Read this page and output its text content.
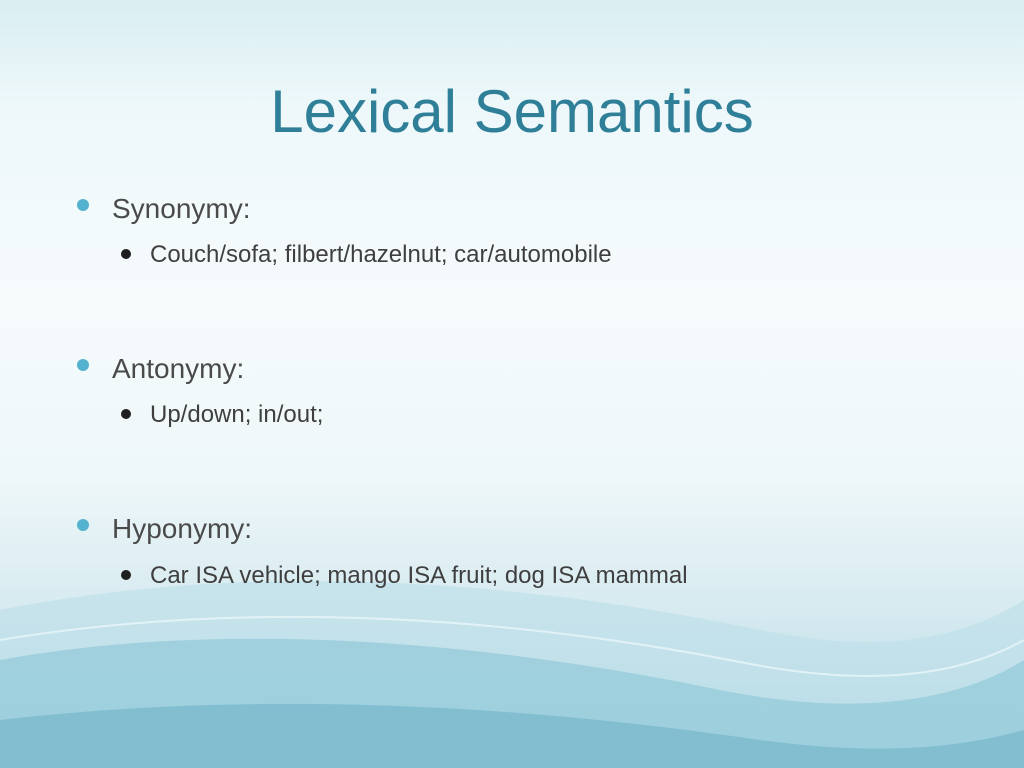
Lexical Semantics
Synonymy:
Couch/sofa; filbert/hazelnut; car/automobile
Antonymy:
Up/down; in/out;
Hyponymy:
Car ISA vehicle; mango ISA fruit; dog ISA mammal
